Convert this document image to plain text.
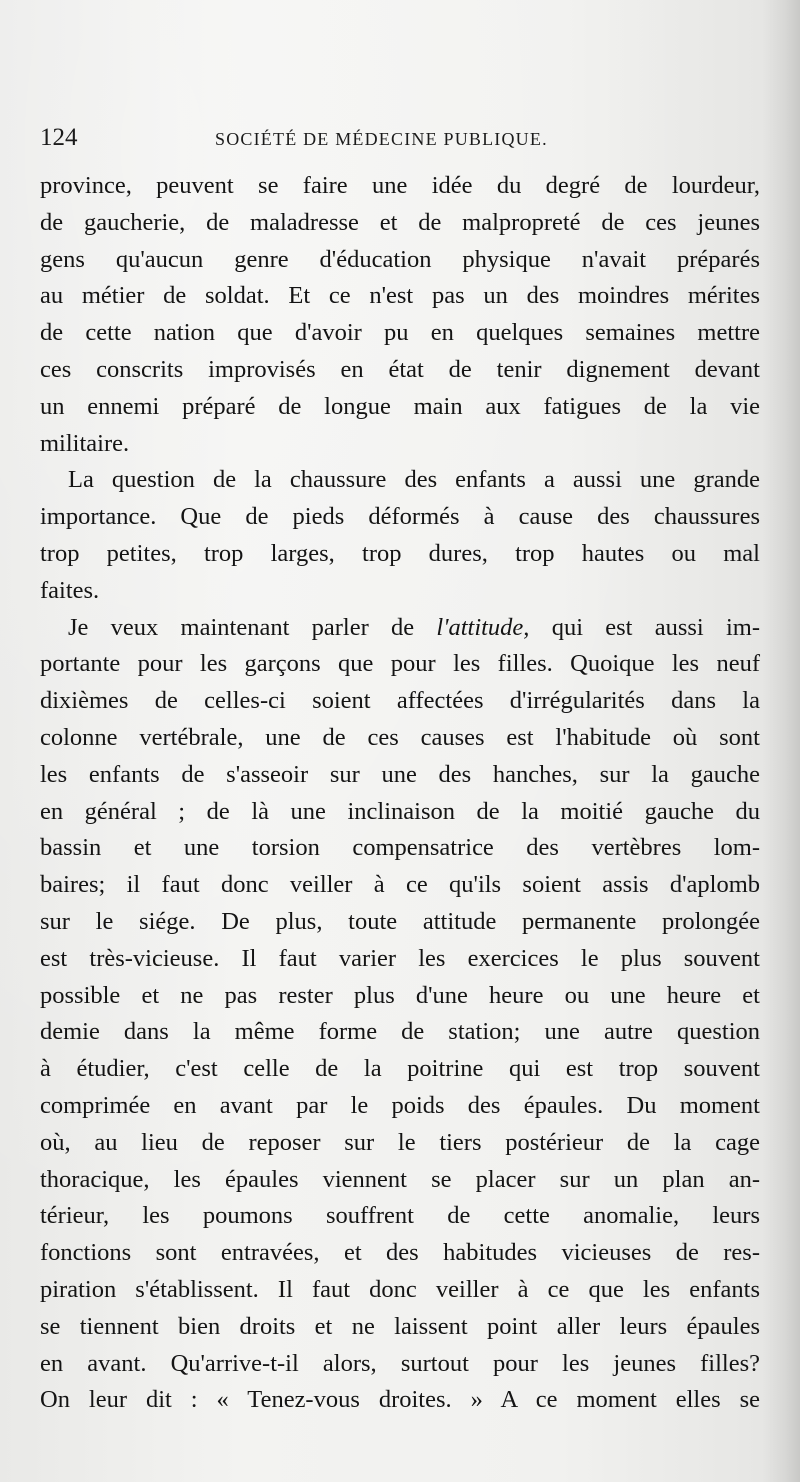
124	SOCIÉTÉ DE MÉDECINE PUBLIQUE.
province, peuvent se faire une idée du degré de lourdeur,
de gaucherie, de maladresse et de malpropreté de ces jeunes
gens qu'aucun genre d'éducation physique n'avait préparés
au métier de soldat. Et ce n'est pas un des moindres mérites
de cette nation que d'avoir pu en quelques semaines mettre
ces conscrits improvisés en état de tenir dignement devant
un ennemi préparé de longue main aux fatigues de la vie
militaire.
La question de la chaussure des enfants a aussi une grande
importance. Que de pieds déformés à cause des chaussures
trop petites, trop larges, trop dures, trop hautes ou mal
faites.
Je veux maintenant parler de l'attitude, qui est aussi im-
portante pour les garçons que pour les filles. Quoique les neuf
dixièmes de celles-ci soient affectées d'irrégularités dans la
colonne vertébrale, une de ces causes est l'habitude où sont
les enfants de s'asseoir sur une des hanches, sur la gauche
en général ; de là une inclinaison de la moitié gauche du
bassin et une torsion compensatrice des vertèbres lom-
baires; il faut donc veiller à ce qu'ils soient assis d'aplomb
sur le siége. De plus, toute attitude permanente prolongée
est très-vicieuse. Il faut varier les exercices le plus souvent
possible et ne pas rester plus d'une heure ou une heure et
demie dans la même forme de station; une autre question
à étudier, c'est celle de la poitrine qui est trop souvent
comprimée en avant par le poids des épaules. Du moment
où, au lieu de reposer sur le tiers postérieur de la cage
thoracique, les épaules viennent se placer sur un plan an-
térieur, les poumons souffrent de cette anomalie, leurs
fonctions sont entravées, et des habitudes vicieuses de res-
piration s'établissent. Il faut donc veiller à ce que les enfants
se tiennent bien droits et ne laissent point aller leurs épaules
en avant. Qu'arrive-t-il alors, surtout pour les jeunes filles?
On leur dit : « Tenez-vous droites. » A ce moment elles se
